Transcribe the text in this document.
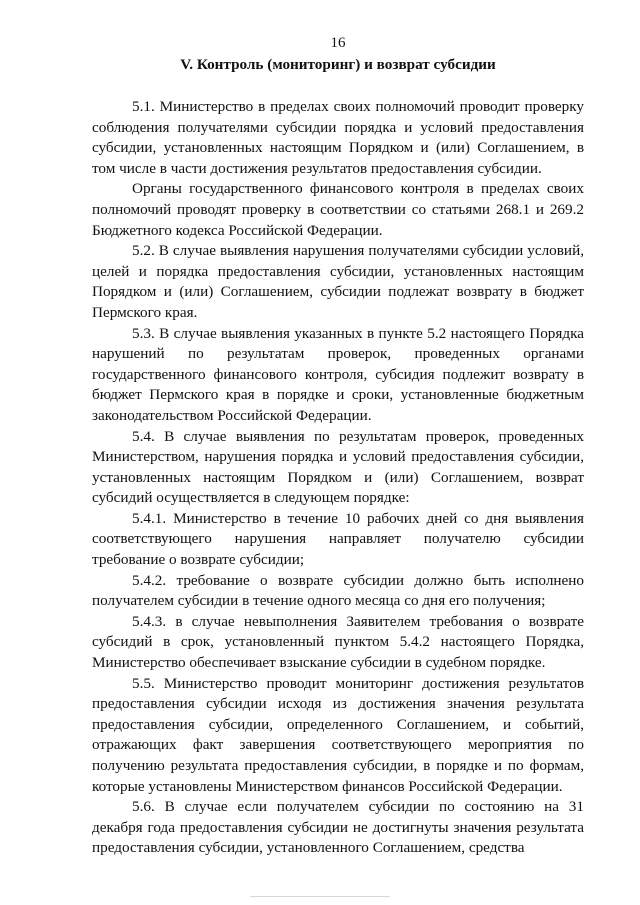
16
V. Контроль (мониторинг) и возврат субсидии

5.1. Министерство в пределах своих полномочий проводит проверку соблюдения получателями субсидии порядка и условий предоставления субсидии, установленных настоящим Порядком и (или) Соглашением, в том числе в части достижения результатов предоставления субсидии.

Органы государственного финансового контроля в пределах своих полномочий проводят проверку в соответствии со статьями 268.1 и 269.2 Бюджетного кодекса Российской Федерации.

5.2. В случае выявления нарушения получателями субсидии условий, целей и порядка предоставления субсидии, установленных настоящим Порядком и (или) Соглашением, субсидии подлежат возврату в бюджет Пермского края.

5.3. В случае выявления указанных в пункте 5.2 настоящего Порядка нарушений по результатам проверок, проведенных органами государственного финансового контроля, субсидия подлежит возврату в бюджет Пермского края в порядке и сроки, установленные бюджетным законодательством Российской Федерации.

5.4. В случае выявления по результатам проверок, проведенных Министерством, нарушения порядка и условий предоставления субсидии, установленных настоящим Порядком и (или) Соглашением, возврат субсидий осуществляется в следующем порядке:

5.4.1. Министерство в течение 10 рабочих дней со дня выявления соответствующего нарушения направляет получателю субсидии требование о возврате субсидии;

5.4.2. требование о возврате субсидии должно быть исполнено получателем субсидии в течение одного месяца со дня его получения;

5.4.3. в случае невыполнения Заявителем требования о возврате субсидий в срок, установленный пунктом 5.4.2 настоящего Порядка, Министерство обеспечивает взыскание субсидии в судебном порядке.

5.5. Министерство проводит мониторинг достижения результатов предоставления субсидии исходя из достижения значения результата предоставления субсидии, определенного Соглашением, и событий, отражающих факт завершения соответствующего мероприятия по получению результата предоставления субсидии, в порядке и по формам, которые установлены Министерством финансов Российской Федерации.

5.6. В случае если получателем субсидии по состоянию на 31 декабря года предоставления субсидии не достигнуты значения результата предоставления субсидии, установленного Соглашением, средства
